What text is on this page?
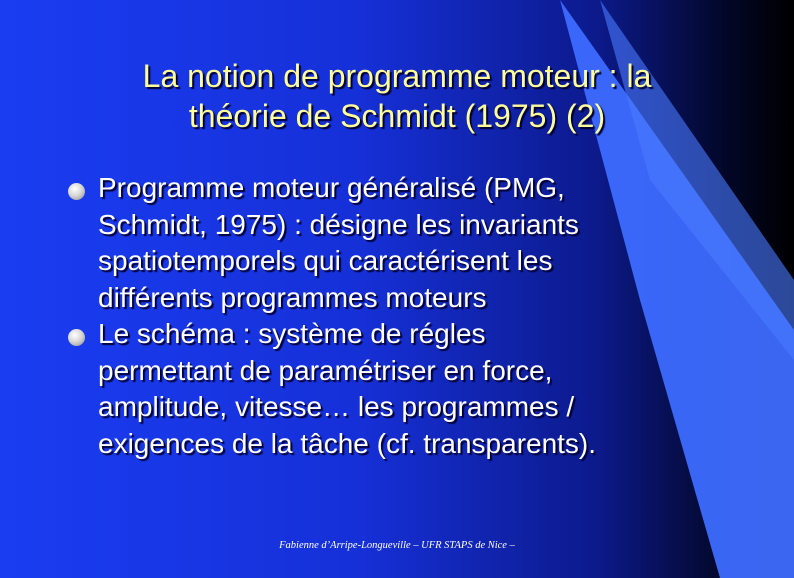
La notion de programme moteur : la
théorie de Schmidt (1975) (2)
Programme moteur généralisé (PMG,
Schmidt, 1975) : désigne les invariants
spatiotemporels qui caractérisent les
différents programmes moteurs
Le schéma : système de régles
permettant de paramétriser en force,
amplitude, vitesse… les programmes /
exigences de la tâche (cf. transparents).
Fabienne d’Arripe-Longueville – UFR STAPS de Nice –
